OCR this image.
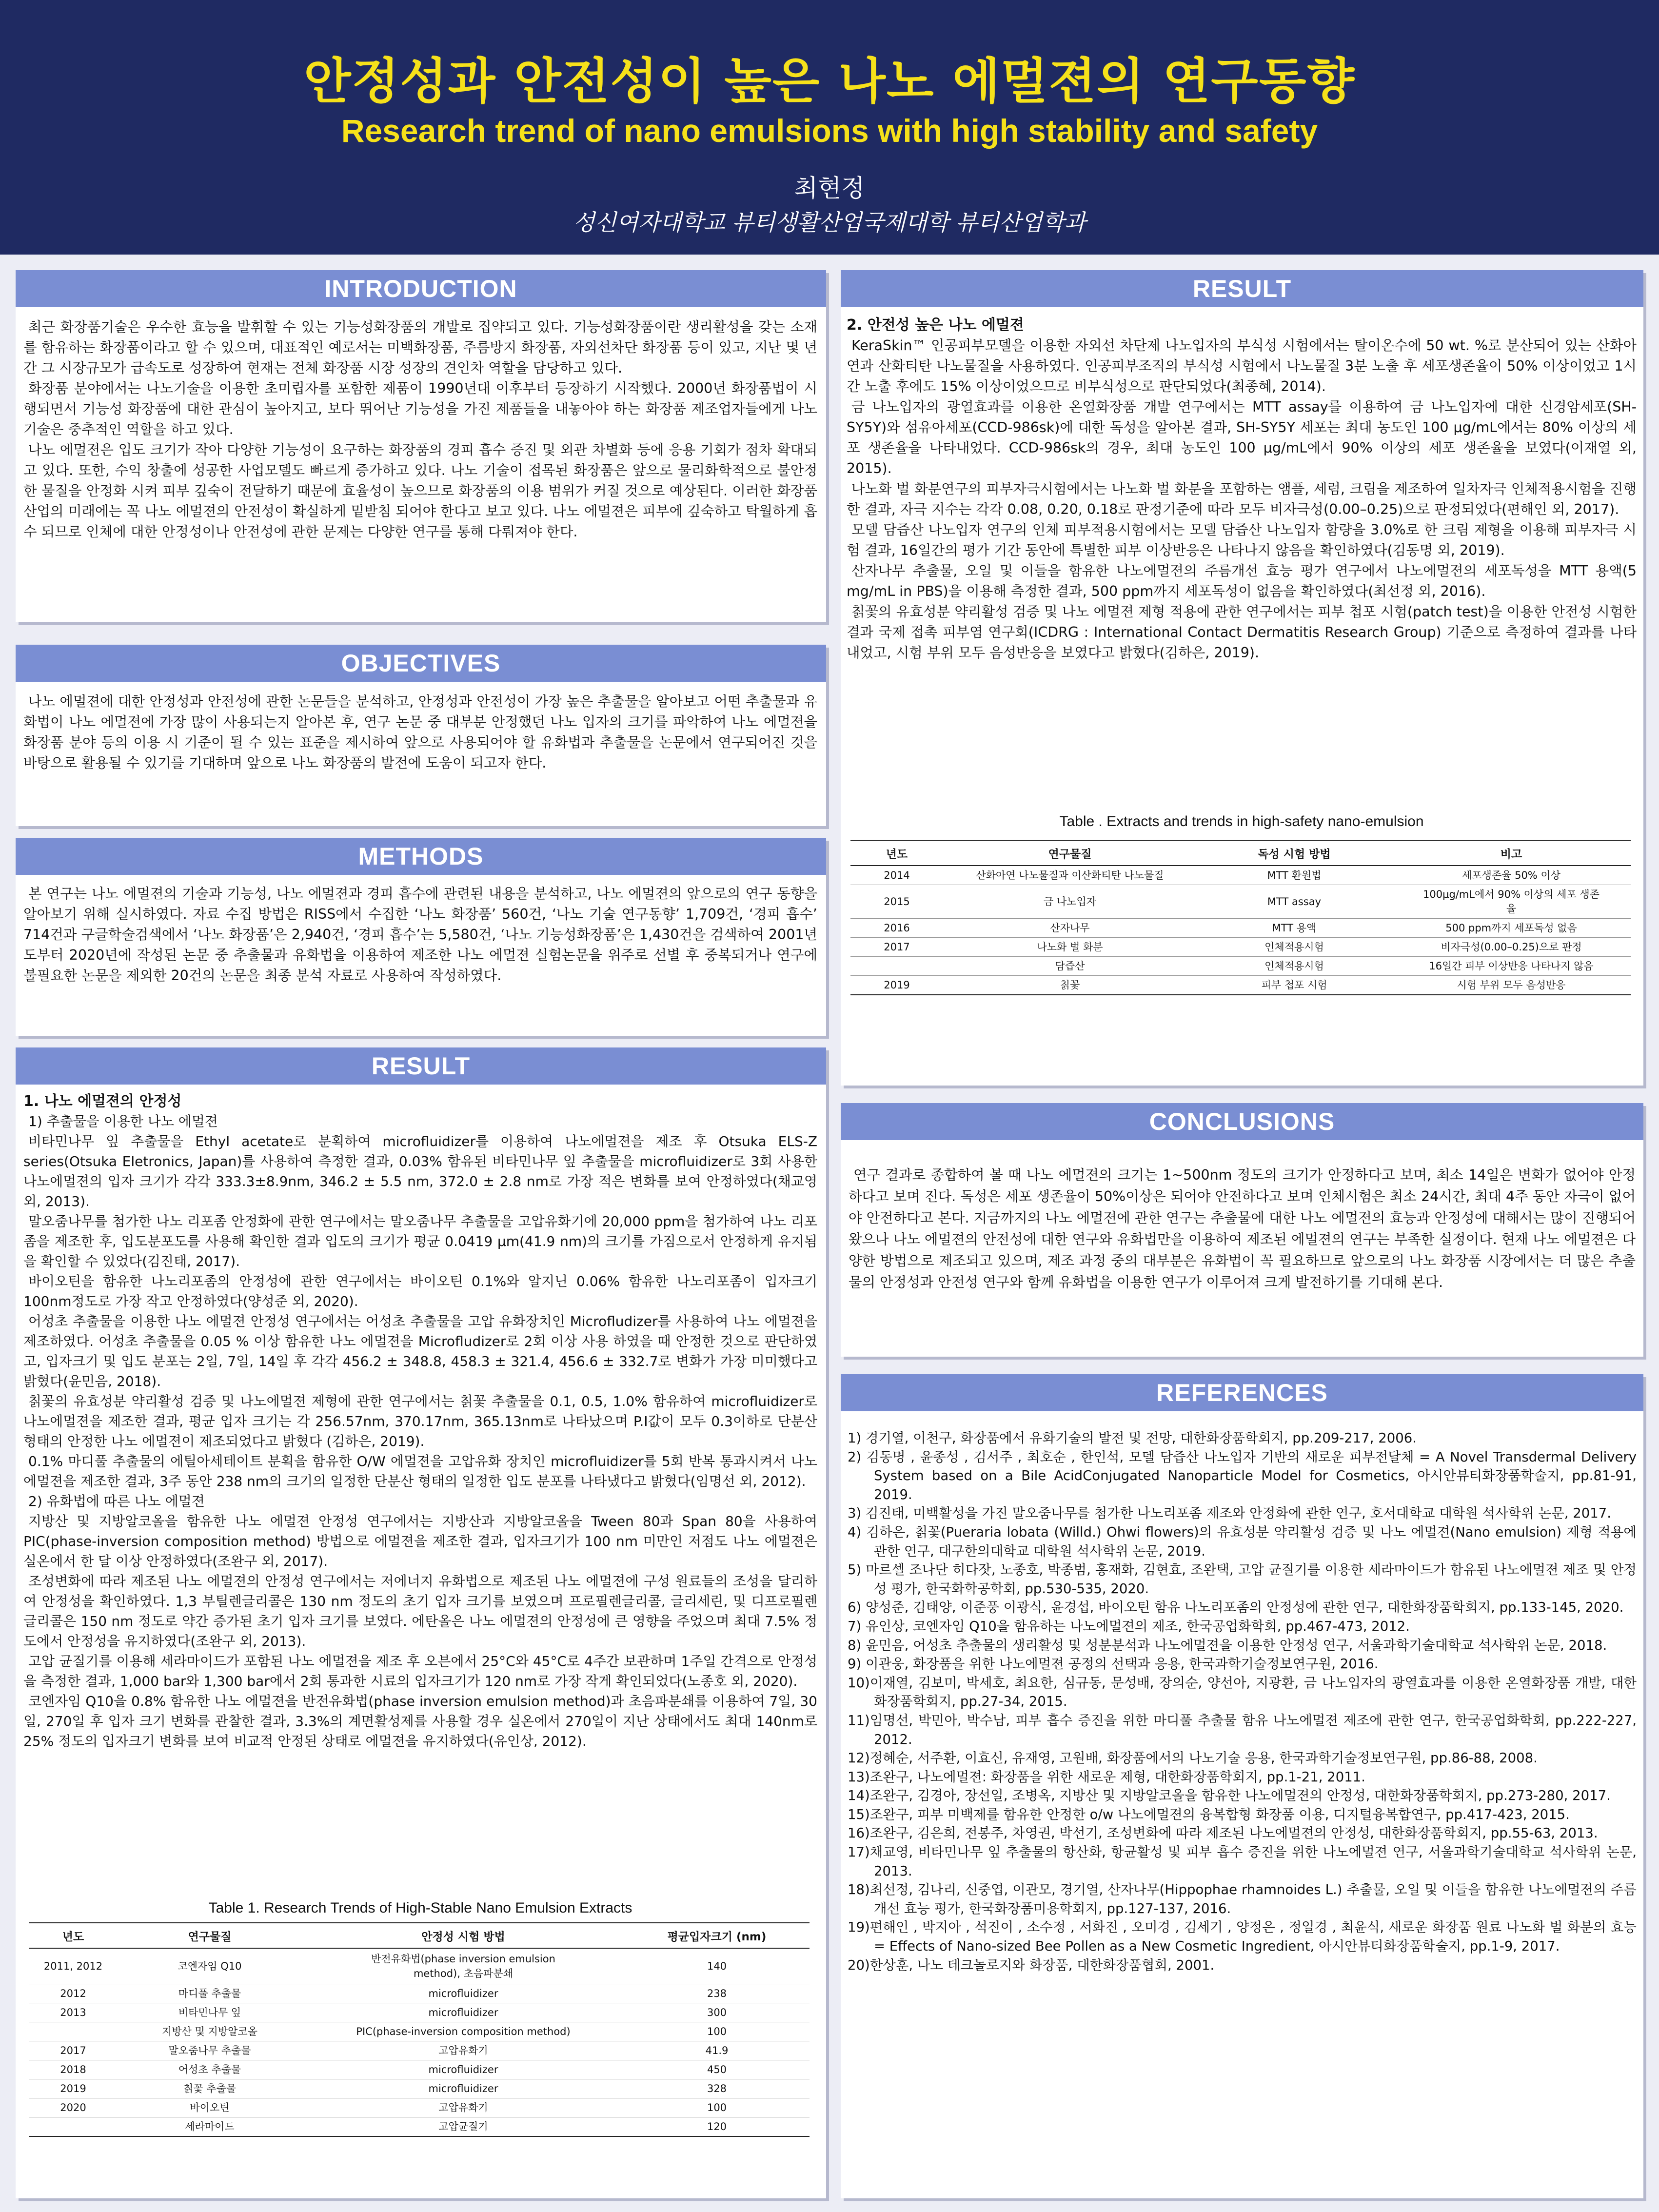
안정성과 안전성이 높은 나노 에멀젼의 연구동향
Research trend of nano emulsions with high stability and safety
최현정
성신여자대학교 뷰티생활산업국제대학 뷰티산업학과
INTRODUCTION

최근 화장품기술은 우수한 효능을 발휘할 수 있는 기능성화장품의 개발로 집약되고 있다. 기능성화장품이란 생리활성을 갖는 소재를 함유하는 화장품이라고 할 수 있으며, 대표적인 예로서는 미백화장품, 주름방지 화장품, 자외선차단 화장품 등이 있고, 지난 몇 년간 그 시장규모가 급속도로 성장하여 현재는 전체 화장품 시장 성장의 견인차 역할을 담당하고 있다.

화장품 분야에서는 나노기술을 이용한 초미립자를 포함한 제품이 1990년대 이후부터 등장하기 시작했다. 2000년 화장품법이 시행되면서 기능성 화장품에 대한 관심이 높아지고, 보다 뛰어난 기능성을 가진 제품들을 내놓아야 하는 화장품 제조업자들에게 나노기술은 중추적인 역할을 하고 있다.

나노 에멀젼은 입도 크기가 작아 다양한 기능성이 요구하는 화장품의 경피 흡수 증진 및 외관 차별화 등에 응용 기회가 점차 확대되고 있다. 또한, 수익 창출에 성공한 사업모델도 빠르게 증가하고 있다. 나노 기술이 접목된 화장품은 앞으로 물리화학적으로 불안정한 물질을 안정화 시켜 피부 깊숙이 전달하기 때문에 효율성이 높으므로 화장품의 이용 범위가 커질 것으로 예상된다. 이러한 화장품 산업의 미래에는 꼭 나노 에멀젼의 안전성이 확실하게 밑받침 되어야 한다고 보고 있다. 나노 에멀젼은 피부에 깊숙하고 탁월하게 흡수 되므로 인체에 대한 안정성이나 안전성에 관한 문제는 다양한 연구를 통해 다뤄져야 한다.

OBJECTIVES

나노 에멀젼에 대한 안정성과 안전성에 관한 논문들을 분석하고, 안정성과 안전성이 가장 높은 추출물을 알아보고 어떤 추출물과 유화법이 나노 에멀젼에 가장 많이 사용되는지 알아본 후, 연구 논문 중 대부분 안정했던 나노 입자의 크기를 파악하여 나노 에멀젼을 화장품 분야 등의 이용 시 기준이 될 수 있는 표준을 제시하여 앞으로 사용되어야 할 유화법과 추출물을 논문에서 연구되어진 것을 바탕으로 활용될 수 있기를 기대하며 앞으로 나노 화장품의 발전에 도움이 되고자 한다.

METHODS

본 연구는 나노 에멀젼의 기술과 기능성, 나노 에멀젼과 경피 흡수에 관련된 내용을 분석하고, 나노 에멀젼의 앞으로의 연구 동향을 알아보기 위해 실시하였다. 자료 수집 방법은 RISS에서 수집한 ‘나노 화장품’ 560건, ‘나노 기술 연구동향’ 1,709건, ‘경피 흡수’ 714건과 구글학술검색에서 ‘나노 화장품’은 2,940건, ‘경피 흡수’는 5,580건, ‘나노 기능성화장품’은 1,430건을 검색하여 2001년도부터 2020년에 작성된 논문 중 추출물과 유화법을 이용하여 제조한 나노 에멀젼 실험논문을 위주로 선별 후 중복되거나 연구에 불필요한 논문을 제외한 20건의 논문을 최종 분석 자료로 사용하여 작성하였다.

RESULT
1. 나노 에멀젼의 안정성
1) 추출물을 이용한 나노 에멀젼

비타민나무 잎 추출물을 Ethyl acetate로 분획하여 microfluidizer를 이용하여 나노에멀젼을 제조 후 Otsuka ELS-Z series(Otsuka Eletronics, Japan)를 사용하여 측정한 결과, 0.03% 함유된 비타민나무 잎 추출물을 microfluidizer로 3회 사용한 나노에멀젼의 입자 크기가 각각 333.3±8.9nm, 346.2 ± 5.5 nm, 372.0 ± 2.8 nm로 가장 적은 변화를 보여 안정하였다(채교영 외, 2013).

말오줌나무를 첨가한 나노 리포좀 안정화에 관한 연구에서는 말오줌나무 추출물을 고압유화기에 20,000 ppm을 첨가하여 나노 리포좀을 제조한 후, 입도분포도를 사용해 확인한 결과 입도의 크기가 평균 0.0419 μm(41.9 nm)의 크기를 가짐으로서 안정하게 유지됨을 확인할 수 있었다(김진태, 2017).

바이오틴을 함유한 나노리포좀의 안정성에 관한 연구에서는 바이오틴 0.1%와 알지닌 0.06% 함유한 나노리포좀이 입자크기 100nm정도로 가장 작고 안정하였다(양성준 외, 2020).

어성초 추출물을 이용한 나노 에멀젼 안정성 연구에서는 어성초 추출물을 고압 유화장치인 Microfludizer를 사용하여 나노 에멀젼을 제조하였다. 어성초 추출물을 0.05 % 이상 함유한 나노 에멀젼을 Microfludizer로 2회 이상 사용 하였을 때 안정한 것으로 판단하였고, 입자크기 및 입도 분포는 2일, 7일, 14일 후 각각 456.2 ± 348.8, 458.3 ± 321.4, 456.6 ± 332.7로 변화가 가장 미미했다고 밝혔다(윤민음, 2018).

칡꽃의 유효성분 약리활성 검증 및 나노에멀젼 제형에 관한 연구에서는 칡꽃 추출물을 0.1, 0.5, 1.0% 함유하여 microfluidizer로 나노에멀젼을 제조한 결과, 평균 입자 크기는 각 256.57nm, 370.17nm, 365.13nm로 나타났으며 P.I값이 모두 0.3이하로 단분산 형태의 안정한 나노 에멀젼이 제조되었다고 밝혔다 (김하은, 2019).

0.1% 마디풀 추출물의 에틸아세테이트 분획을 함유한 O/W 에멀젼을 고압유화 장치인 microfluidizer를 5회 반복 통과시켜서 나노 에멀젼을 제조한 결과, 3주 동안 238 nm의 크기의 일정한 단분산 형태의 일정한 입도 분포를 나타냈다고 밝혔다(임명선 외, 2012).

2) 유화법에 따른 나노 에멀젼

지방산 및 지방알코올을 함유한 나노 에멀젼 안정성 연구에서는 지방산과 지방알코올을 Tween 80과 Span 80을 사용하여 PIC(phase-inversion composition method) 방법으로 에멀젼을 제조한 결과, 입자크기가 100 nm 미만인 저점도 나노 에멀젼은 실온에서 한 달 이상 안정하였다(조완구 외, 2017).

조성변화에 따라 제조된 나노 에멀젼의 안정성 연구에서는 저에너지 유화법으로 제조된 나노 에멀젼에 구성 원료들의 조성을 달리하여 안정성을 확인하였다. 1,3 부틸렌글리콜은 130 nm 정도의 초기 입자 크기를 보였으며 프로필렌글리콜, 글리세린, 및 디프로필렌글리콜은 150 nm 정도로 약간 증가된 초기 입자 크기를 보였다. 에탄올은 나노 에멀젼의 안정성에 큰 영향을 주었으며 최대 7.5% 정도에서 안정성을 유지하였다(조완구 외, 2013).

고압 균질기를 이용해 세라마이드가 포함된 나노 에멀젼을 제조 후 오븐에서 25°C와 45°C로 4주간 보관하며 1주일 간격으로 안정성을 측정한 결과, 1,000 bar와 1,300 bar에서 2회 통과한 시료의 입자크기가 120 nm로 가장 작게 확인되었다(노종호 외, 2020).

코엔자임 Q10을 0.8% 함유한 나노 에멀젼을 반전유화법(phase inversion emulsion method)과 초음파분쇄를 이용하여 7일, 30일, 270일 후 입자 크기 변화를 관찰한 결과, 3.3%의 계면활성제를 사용할 경우 실온에서 270일이 지난 상태에서도 최대 140nm로 25% 정도의 입자크기 변화를 보여 비교적 안정된 상태로 에멀젼을 유지하였다(유인상, 2012).

Table 1. Research Trends of High-Stable Nano Emulsion Extracts
년도	연구물질	안정성 시험 방법	평균입자크기 (nm)
2011, 2012	코엔자임 Q10	반전유화법(phase inversion emulsion method), 초음파분쇄	140
2012	마디풀 추출물	microfluidizer	238
2013	비타민나무 잎	microfluidizer	300
	지방산 및 지방알코올	PIC(phase-inversion composition method)	100
2017	말오줌나무 추출물	고압유화기	41.9
2018	어성초 추출물	microfluidizer	450
2019	칡꽃 추출물	microfluidizer	328
2020	바이오틴	고압유화기	100
	세라마이드	고압균질기	120
RESULT
2. 안전성 높은 나노 에멀젼

KeraSkin™ 인공피부모델을 이용한 자외선 차단제 나노입자의 부식성 시험에서는 탈이온수에 50 wt. %로 분산되어 있는 산화아연과 산화티탄 나노물질을 사용하였다. 인공피부조직의 부식성 시험에서 나노물질 3분 노출 후 세포생존율이 50% 이상이었고 1시간 노출 후에도 15% 이상이었으므로 비부식성으로 판단되었다(최종혜, 2014).

금 나노입자의 광열효과를 이용한 온열화장품 개발 연구에서는 MTT assay를 이용하여 금 나노입자에 대한 신경암세포(SH-SY5Y)와 섬유아세포(CCD-986sk)에 대한 독성을 알아본 결과, SH-SY5Y 세포는 최대 농도인 100 μg/mL에서는 80% 이상의 세포 생존율을 나타내었다. CCD-986sk의 경우, 최대 농도인 100 μg/mL에서 90% 이상의 세포 생존율을 보였다(이재열 외, 2015).

나노화 벌 화분연구의 피부자극시험에서는 나노화 벌 화분을 포함하는 앰플, 세럼, 크림을 제조하여 일차자극 인체적용시험을 진행한 결과, 자극 지수는 각각 0.08, 0.20, 0.18로 판정기준에 따라 모두 비자극성(0.00–0.25)으로 판정되었다(편해인 외, 2017).

모델 담즙산 나노입자 연구의 인체 피부적용시험에서는 모델 담즙산 나노입자 함량을 3.0%로 한 크림 제형을 이용해 피부자극 시험 결과, 16일간의 평가 기간 동안에 특별한 피부 이상반응은 나타나지 않음을 확인하였다(김동명 외, 2019).

산자나무 추출물, 오일 및 이들을 함유한 나노에멀젼의 주름개선 효능 평가 연구에서 나노에멀젼의 세포독성을 MTT 용액(5 mg/mL in PBS)을 이용해 측정한 결과, 500 ppm까지 세포독성이 없음을 확인하였다(최선정 외, 2016).

칡꽃의 유효성분 약리활성 검증 및 나노 에멀젼 제형 적용에 관한 연구에서는 피부 첩포 시험(patch test)을 이용한 안전성 시험한 결과 국제 접촉 피부염 연구회(ICDRG : International Contact Dermatitis Research Group) 기준으로 측정하여 결과를 나타내었고, 시험 부위 모두 음성반응을 보였다고 밝혔다(김하은, 2019).

Table . Extracts and trends in high-safety nano-emulsion
년도	연구물질	독성 시험 방법	비고
2014	산화아연 나노물질과 이산화티탄 나노물질	MTT 환원법	세포생존율 50% 이상
2015	금 나노입자	MTT assay	100μg/mL에서 90% 이상의 세포 생존율
2016	산자나무	MTT 용액	500 ppm까지 세포독성 없음
2017	나노화 벌 화분	인체적용시험	비자극성(0.00–0.25)으로 판정
	담즙산	인체적용시험	16일간 피부 이상반응 나타나지 않음
2019	칡꽃	피부 첩포 시험	시험 부위 모두 음성반응
CONCLUSIONS

연구 결과로 종합하여 볼 때 나노 에멀젼의 크기는 1~500nm 정도의 크기가 안정하다고 보며, 최소 14일은 변화가 없어야 안정하다고 보며 진다. 독성은 세포 생존율이 50%이상은 되어야 안전하다고 보며 인체시험은 최소 24시간, 최대 4주 동안 자극이 없어야 안전하다고 본다. 지금까지의 나노 에멀젼에 관한 연구는 추출물에 대한 나노 에멀젼의 효능과 안정성에 대해서는 많이 진행되어 왔으나 나노 에멀젼의 안전성에 대한 연구와 유화법만을 이용하여 제조된 에멀젼의 연구는 부족한 실정이다. 현재 나노 에멀젼은 다양한 방법으로 제조되고 있으며, 제조 과정 중의 대부분은 유화법이 꼭 필요하므로 앞으로의 나노 화장품 시장에서는 더 많은 추출물의 안정성과 안전성 연구와 함께 유화법을 이용한 연구가 이루어져 크게 발전하기를 기대해 본다.

REFERENCES
1) 경기열, 이천구, 화장품에서 유화기술의 발전 및 전망, 대한화장품학회지, pp.209-217, 2006.
2) 김동명 , 윤종성 , 김서주 , 최호순 , 한인석, 모델 담즙산 나노입자 기반의 새로운 피부전달체 = A Novel Transdermal Delivery System based on a Bile AcidConjugated Nanoparticle Model for Cosmetics, 아시안뷰티화장품학술지, pp.81-91, 2019.
3) 김진태, 미백활성을 가진 말오줌나무를 첨가한 나노리포좀 제조와 안정화에 관한 연구, 호서대학교 대학원 석사학위 논문, 2017.
4) 김하은, 칡꽃(Pueraria lobata (Willd.) Ohwi flowers)의 유효성분 약리활성 검증 및 나노 에멀젼(Nano emulsion) 제형 적용에 관한 연구, 대구한의대학교 대학원 석사학위 논문, 2019.
5) 마르셀 조나단 히다잣, 노종호, 박종범, 홍재화, 김현효, 조완택, 고압 균질기를 이용한 세라마이드가 함유된 나노에멀젼 제조 및 안정성 평가, 한국화학공학회, pp.530-535, 2020.
6) 양성준, 김태양, 이준풍 이광식, 윤경섭, 바이오틴 함유 나노리포좀의 안정성에 관한 연구, 대한화장품학회지, pp.133-145, 2020.
7) 유인상, 코엔자임 Q10을 함유하는 나노에멀젼의 제조, 한국공업화학회, pp.467-473, 2012.
8) 윤민음, 어성초 추출물의 생리활성 및 성분분석과 나노에멀젼을 이용한 안정성 연구, 서울과학기술대학교 석사학위 논문, 2018.
9) 이관웅, 화장품을 위한 나노에멀젼 공정의 선택과 응용, 한국과학기술정보연구원, 2016.
10)이재열, 김보미, 박세호, 최요한, 심규동, 문성배, 장의순, 양선아, 지광환, 금 나노입자의 광열효과를 이용한 온열화장품 개발, 대한화장품학회지, pp.27-34, 2015.
11)임명선, 박민아, 박수남, 피부 흡수 증진을 위한 마디풀 추출물 함유 나노에멀젼 제조에 관한 연구, 한국공업화학회, pp.222-227, 2012.
12)정혜순, 서주환, 이효신, 유재영, 고원배, 화장품에서의 나노기술 응용, 한국과학기술정보연구원, pp.86-88, 2008.
13)조완구, 나노에멀젼: 화장품을 위한 새로운 제형, 대한화장품학회지, pp.1-21, 2011.
14)조완구, 김경아, 장선일, 조병옥, 지방산 및 지방알코올을 함유한 나노에멀젼의 안정성, 대한화장품학회지, pp.273-280, 2017.
15)조완구, 피부 미백제를 함유한 안정한 o/w 나노에멀젼의 융복합형 화장품 이용, 디지털융복합연구, pp.417-423, 2015.
16)조완구, 김은희, 전봉주, 차영권, 박선기, 조성변화에 따라 제조된 나노에멀젼의 안정성, 대한화장품학회지, pp.55-63, 2013.
17)채교영, 비타민나무 잎 추출물의 항산화, 항균활성 및 피부 흡수 증진을 위한 나노에멀젼 연구, 서울과학기술대학교 석사학위 논문, 2013.
18)최선정, 김나리, 신중엽, 이관모, 경기열, 산자나무(Hippophae rhamnoides L.) 추출물, 오일 및 이들을 함유한 나노에멀젼의 주름개선 효능 평가, 한국화장품미용학회지, pp.127-137, 2016.
19)편해인 , 박지아 , 석진이 , 소수정 , 서화진 , 오미경 , 김세기 , 양정은 , 정일경 , 최윤식, 새로운 화장품 원료 나노화 벌 화분의 효능 = Effects of Nano-sized Bee Pollen as a New Cosmetic Ingredient, 아시안뷰티화장품학술지, pp.1-9, 2017.
20)한상훈, 나노 테크놀로지와 화장품, 대한화장품협회, 2001.
